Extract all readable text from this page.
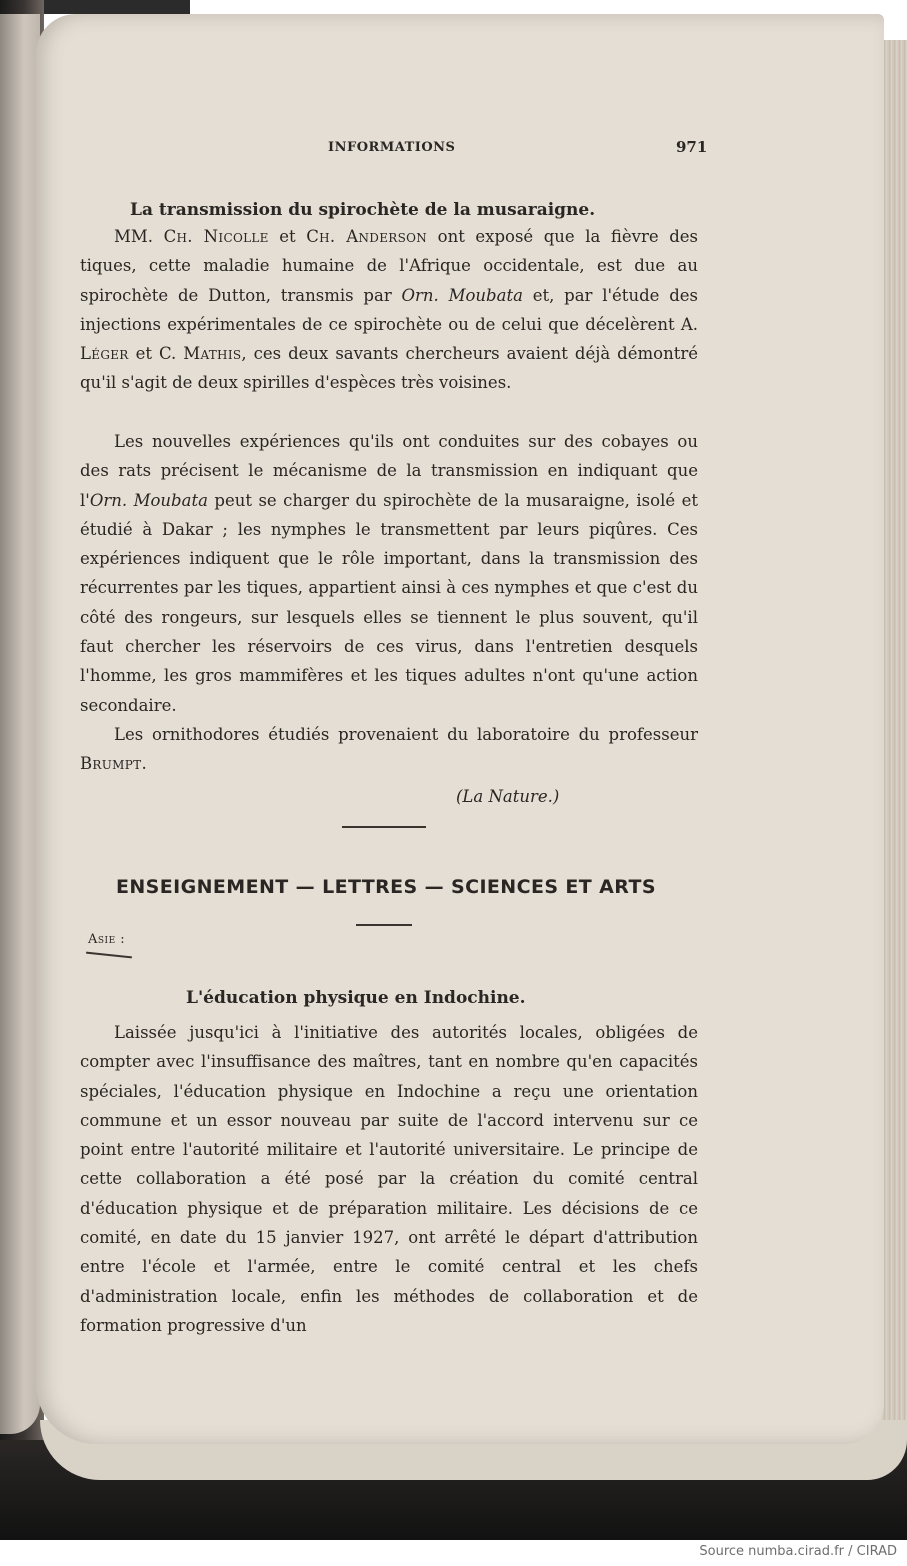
INFORMATIONS	971
La transmission du spirochète de la musaraigne.

MM. Ch. Nicolle et Ch. Anderson ont exposé que la fièvre des tiques, cette maladie humaine de l'Afrique occidentale, est due au spirochète de Dutton, transmis par Orn. Moubata et, par l'étude des injections expérimentales de ce spirochète ou de celui que décelèrent A. Léger et C. Mathis, ces deux savants chercheurs avaient déjà démontré qu'il s'agit de deux spirilles d'espèces très voisines.

Les nouvelles expériences qu'ils ont conduites sur des cobayes ou des rats précisent le mécanisme de la transmission en indiquant que l'Orn. Moubata peut se charger du spirochète de la musaraigne, isolé et étudié à Dakar ; les nymphes le transmettent par leurs piqûres. Ces expériences indiquent que le rôle important, dans la transmission des récurrentes par les tiques, appartient ainsi à ces nymphes et que c'est du côté des rongeurs, sur lesquels elles se tiennent le plus souvent, qu'il faut chercher les réservoirs de ces virus, dans l'entretien desquels l'homme, les gros mammifères et les tiques adultes n'ont qu'une action secondaire.

Les ornithodores étudiés provenaient du laboratoire du professeur Brumpt.

(La Nature.)
ENSEIGNEMENT — LETTRES — SCIENCES ET ARTS
Asie :
L'éducation physique en Indochine.

Laissée jusqu'ici à l'initiative des autorités locales, obligées de compter avec l'insuffisance des maîtres, tant en nombre qu'en capacités spéciales, l'éducation physique en Indochine a reçu une orientation commune et un essor nouveau par suite de l'accord intervenu sur ce point entre l'autorité militaire et l'autorité universitaire. Le principe de cette collaboration a été posé par la création du comité central d'éducation physique et de préparation militaire. Les décisions de ce comité, en date du 15 janvier 1927, ont arrêté le départ d'attribution entre l'école et l'armée, entre le comité central et les chefs d'administration locale, enfin les méthodes de collaboration et de formation progressive d'un

Source numba.cirad.fr / CIRAD
